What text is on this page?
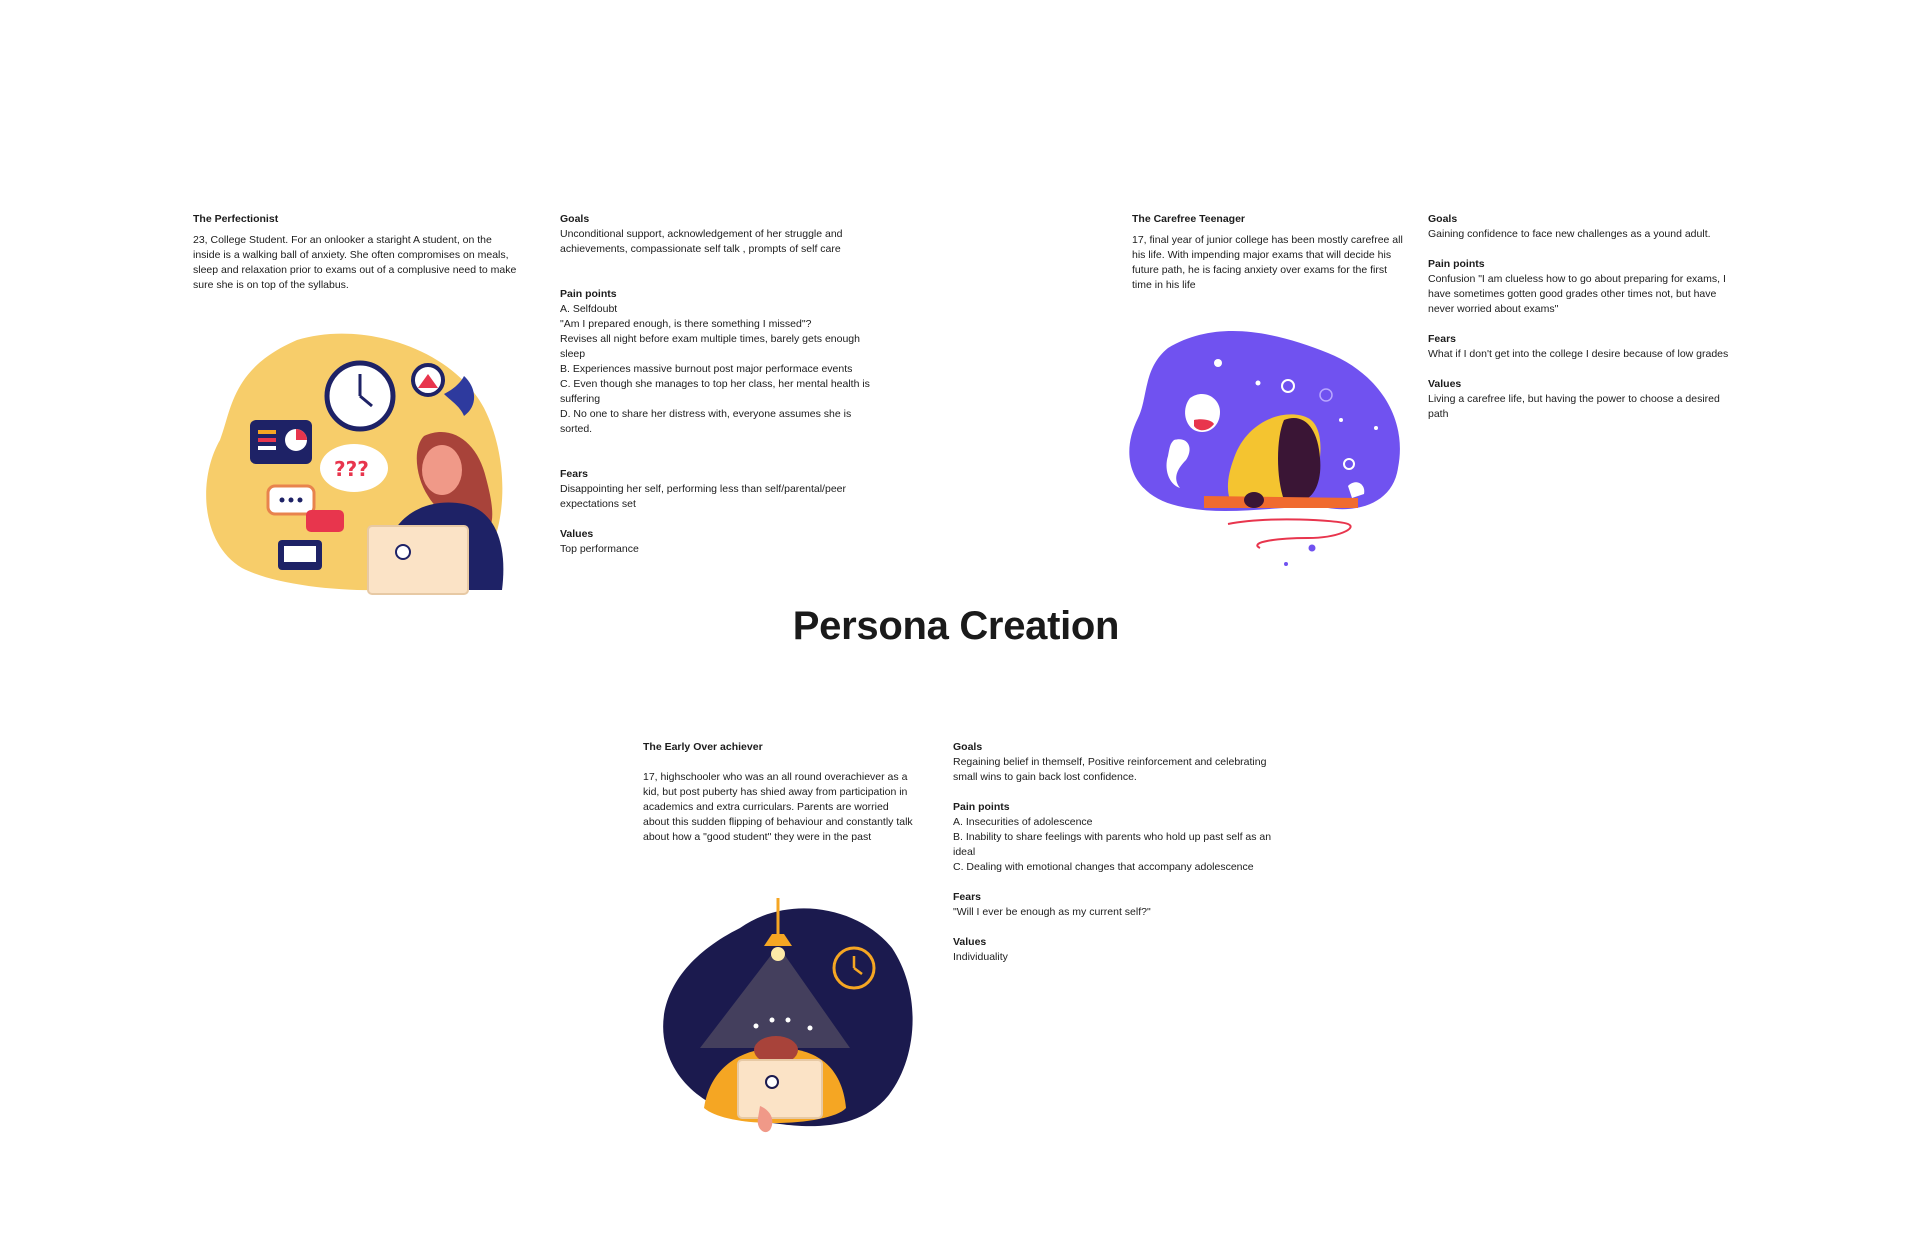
Persona Creation
The Perfectionist
23, College Student. For an onlooker a staright A student, on the inside is a walking ball of anxiety. She often compromises on meals, sleep and relaxation prior to exams out of a complusive need to make sure she is on top of the syllabus.
Goals
Unconditional support, acknowledgement of her struggle and achievements, compassionate self talk , prompts of self care
Pain points
A. Selfdoubt
"Am I prepared enough, is there something I missed"?
Revises all night before exam multiple times, barely gets enough sleep
B. Experiences massive burnout post major performace events
C. Even though she manages to top her class, her mental health is suffering
D. No one to share her distress with, everyone assumes she is sorted.
Fears
Disappointing her self, performing less than self/parental/peer expectations set
Values
Top performance
???
The Carefree Teenager
17, final year of junior college has been mostly carefree all his life. With impending major exams that will decide his future path, he is facing anxiety over exams for the first time in his life
Goals
Gaining confidence to face new challenges as a yound adult.
Pain points
Confusion "I am clueless how to go about preparing for exams, I have sometimes gotten good grades other times not, but have never worried about exams"
Fears
What if I don't get into the college I desire because of low grades
Values
Living a carefree life, but having the power to choose a desired path
The Early Over achiever
17, highschooler who was an all round overachiever as a kid, but post puberty has shied away from participation in academics and extra curriculars. Parents are worried about this sudden flipping of behaviour and constantly talk about how a "good student" they were in the past
Goals
Regaining belief in themself, Positive reinforcement and celebrating small wins to gain back lost confidence.
Pain points
A. Insecurities of adolescence
B. Inability to share feelings with parents who hold up past self as an ideal
C. Dealing with emotional changes that accompany adolescence
Fears
"Will I ever be enough as my current self?"
Values
Individuality
